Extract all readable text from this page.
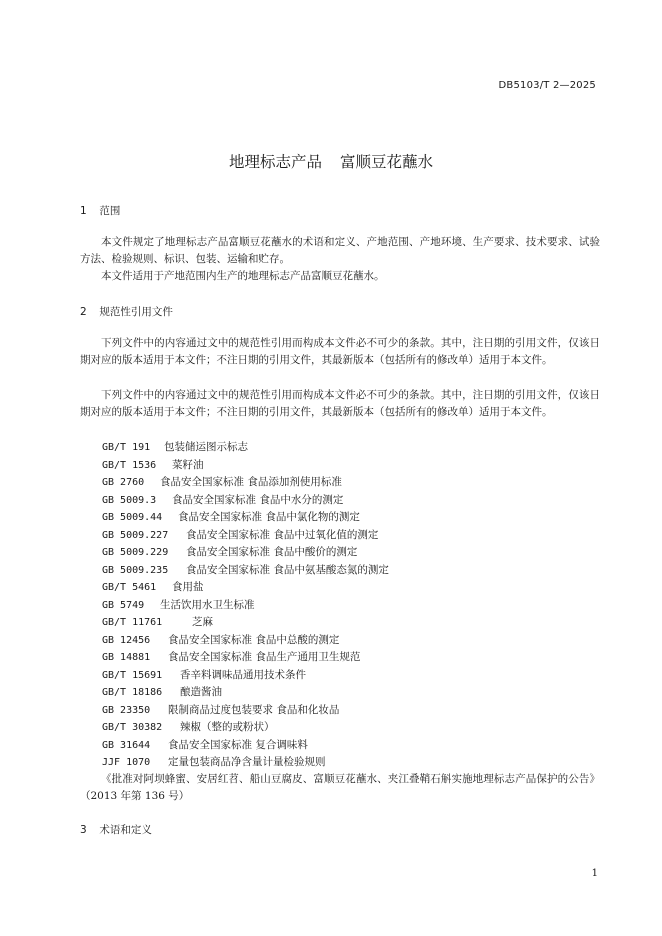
DB5103/T 2—2025
地理标志产品 富顺豆花蘸水
1 范围
本文件规定了地理标志产品富顺豆花蘸水的术语和定义、产地范围、产地环境、生产要求、技术要求、试验方法、检验规则、标识、包装、运输和贮存。
本文件适用于产地范围内生产的地理标志产品富顺豆花蘸水。
2 规范性引用文件
下列文件中的内容通过文中的规范性引用而构成本文件必不可少的条款。其中，注日期的引用文件，仅该日期对应的版本适用于本文件；不注日期的引用文件，其最新版本（包括所有的修改单）适用于本文件。
下列文件中的内容通过文中的规范性引用而构成本文件必不可少的条款。其中，注日期的引用文件，仅该日期对应的版本适用于本文件；不注日期的引用文件，其最新版本（包括所有的修改单）适用于本文件。
GB/T 191 包装储运图示标志
GB/T 1536 菜籽油
GB 2760 食品安全国家标准 食品添加剂使用标准
GB 5009.3 食品安全国家标准 食品中水分的测定
GB 5009.44 食品安全国家标准 食品中氯化物的测定
GB 5009.227 食品安全国家标准 食品中过氧化值的测定
GB 5009.229 食品安全国家标准 食品中酸价的测定
GB 5009.235 食品安全国家标准 食品中氨基酸态氮的测定
GB/T 5461 食用盐
GB 5749 生活饮用水卫生标准
GB/T 11761	芝麻
GB 12456 食品安全国家标准 食品中总酸的测定
GB 14881 食品安全国家标准 食品生产通用卫生规范
GB/T 15691 香辛料调味品通用技术条件
GB/T 18186 酿造酱油
GB 23350 限制商品过度包装要求 食品和化妆品
GB/T 30382 辣椒（整的或粉状）
GB 31644 食品安全国家标准 复合调味料
JJF 1070 定量包装商品净含量计量检验规则
《批准对阿坝蜂蜜、安居红苕、船山豆腐皮、富顺豆花蘸水、夹江叠鞘石斛实施地理标志产品保护的公告》（2013 年第 136 号）
3 术语和定义
1
